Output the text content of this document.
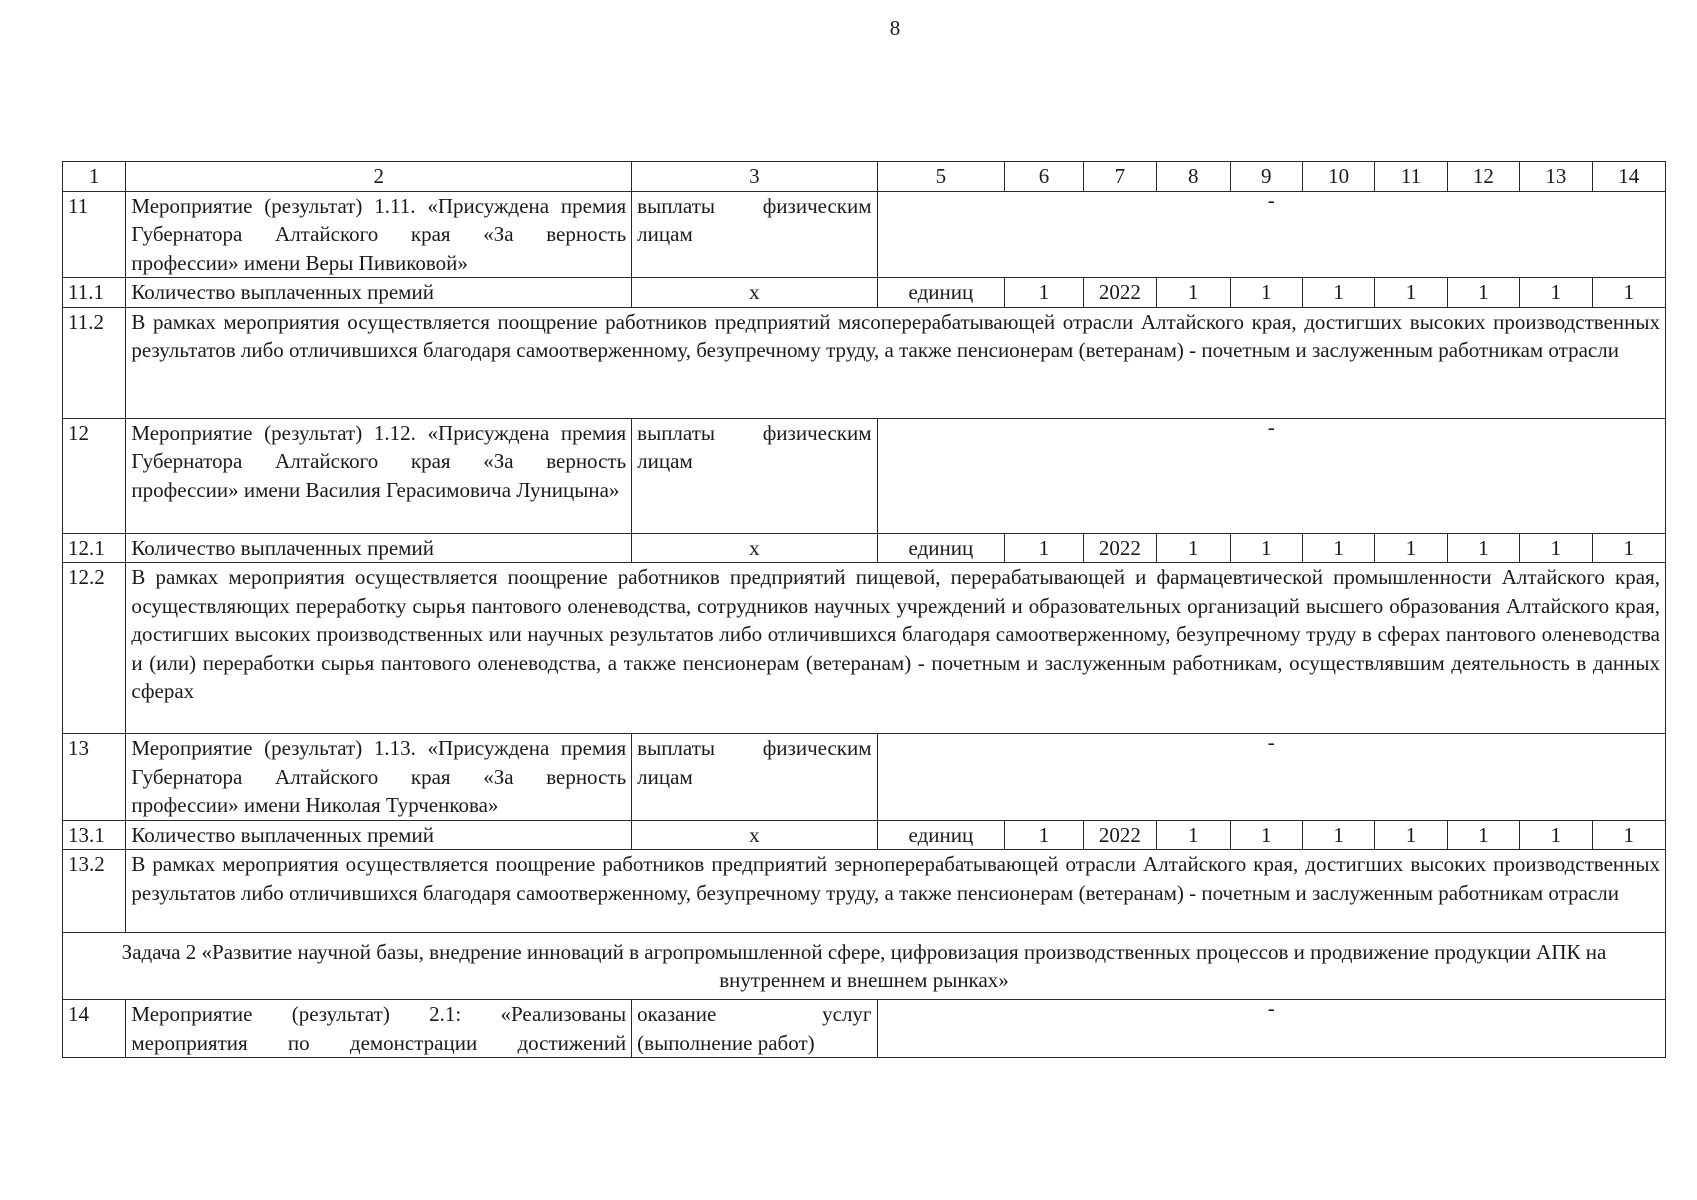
8
1	2	3	5	6	7	8	9	10	11	12	13	14
11	Мероприятие (результат) 1.11. «Присуждена премия Губернатора Алтайского края «За верность профессии» имени Веры Пивиковой»	выплаты физическим лицам	-									
11.1	Количество выплаченных премий	х	единиц	1	2022	1	1	1	1	1	1	1
11.2	В рамках мероприятия осуществляется поощрение работников предприятий мясоперерабатывающей отрасли Алтайского края, достигших высоких производственных результатов либо отличившихся благодаря самоотверженному, безупречному труду, а также пенсионерам (ветеранам) - почетным и заслуженным работникам отрасли											
12	Мероприятие (результат) 1.12. «Присуждена премия Губернатора Алтайского края «За верность профессии» имени Василия Герасимовича Луницына»	выплаты физическим лицам	-									
12.1	Количество выплаченных премий	х	единиц	1	2022	1	1	1	1	1	1	1
12.2	В рамках мероприятия осуществляется поощрение работников предприятий пищевой, перерабатывающей и фармацевтической промышленности Алтайского края, осуществляющих переработку сырья пантового оленеводства, сотрудников научных учреждений и образовательных организаций высшего образования Алтайского края, достигших высоких производственных или научных результатов либо отличившихся благодаря самоотверженному, безупречному труду в сферах пантового оленеводства и (или) переработки сырья пантового оленеводства, а также пенсионерам (ветеранам) - почетным и заслуженным работникам, осуществлявшим деятельность в данных сферах											
13	Мероприятие (результат) 1.13. «Присуждена премия Губернатора Алтайского края «За верность профессии» имени Николая Турченкова»	выплаты физическим лицам	-									
13.1	Количество выплаченных премий	х	единиц	1	2022	1	1	1	1	1	1	1
13.2	В рамках мероприятия осуществляется поощрение работников предприятий зерноперерабатывающей отрасли Алтайского края, достигших высоких производственных результатов либо отличившихся благодаря самоотверженному, безупречному труду, а также пенсионерам (ветеранам) - почетным и заслуженным работникам отрасли											
Задача 2 «Развитие научной базы, внедрение инноваций в агропромышленной сфере, цифровизация производственных процессов и продвижение продукции АПК на внутреннем и внешнем рынках»												
14	Мероприятие (результат) 2.1: «Реализованы мероприятия по демонстрации достижений	оказание услуг (выполнение работ)	-									
